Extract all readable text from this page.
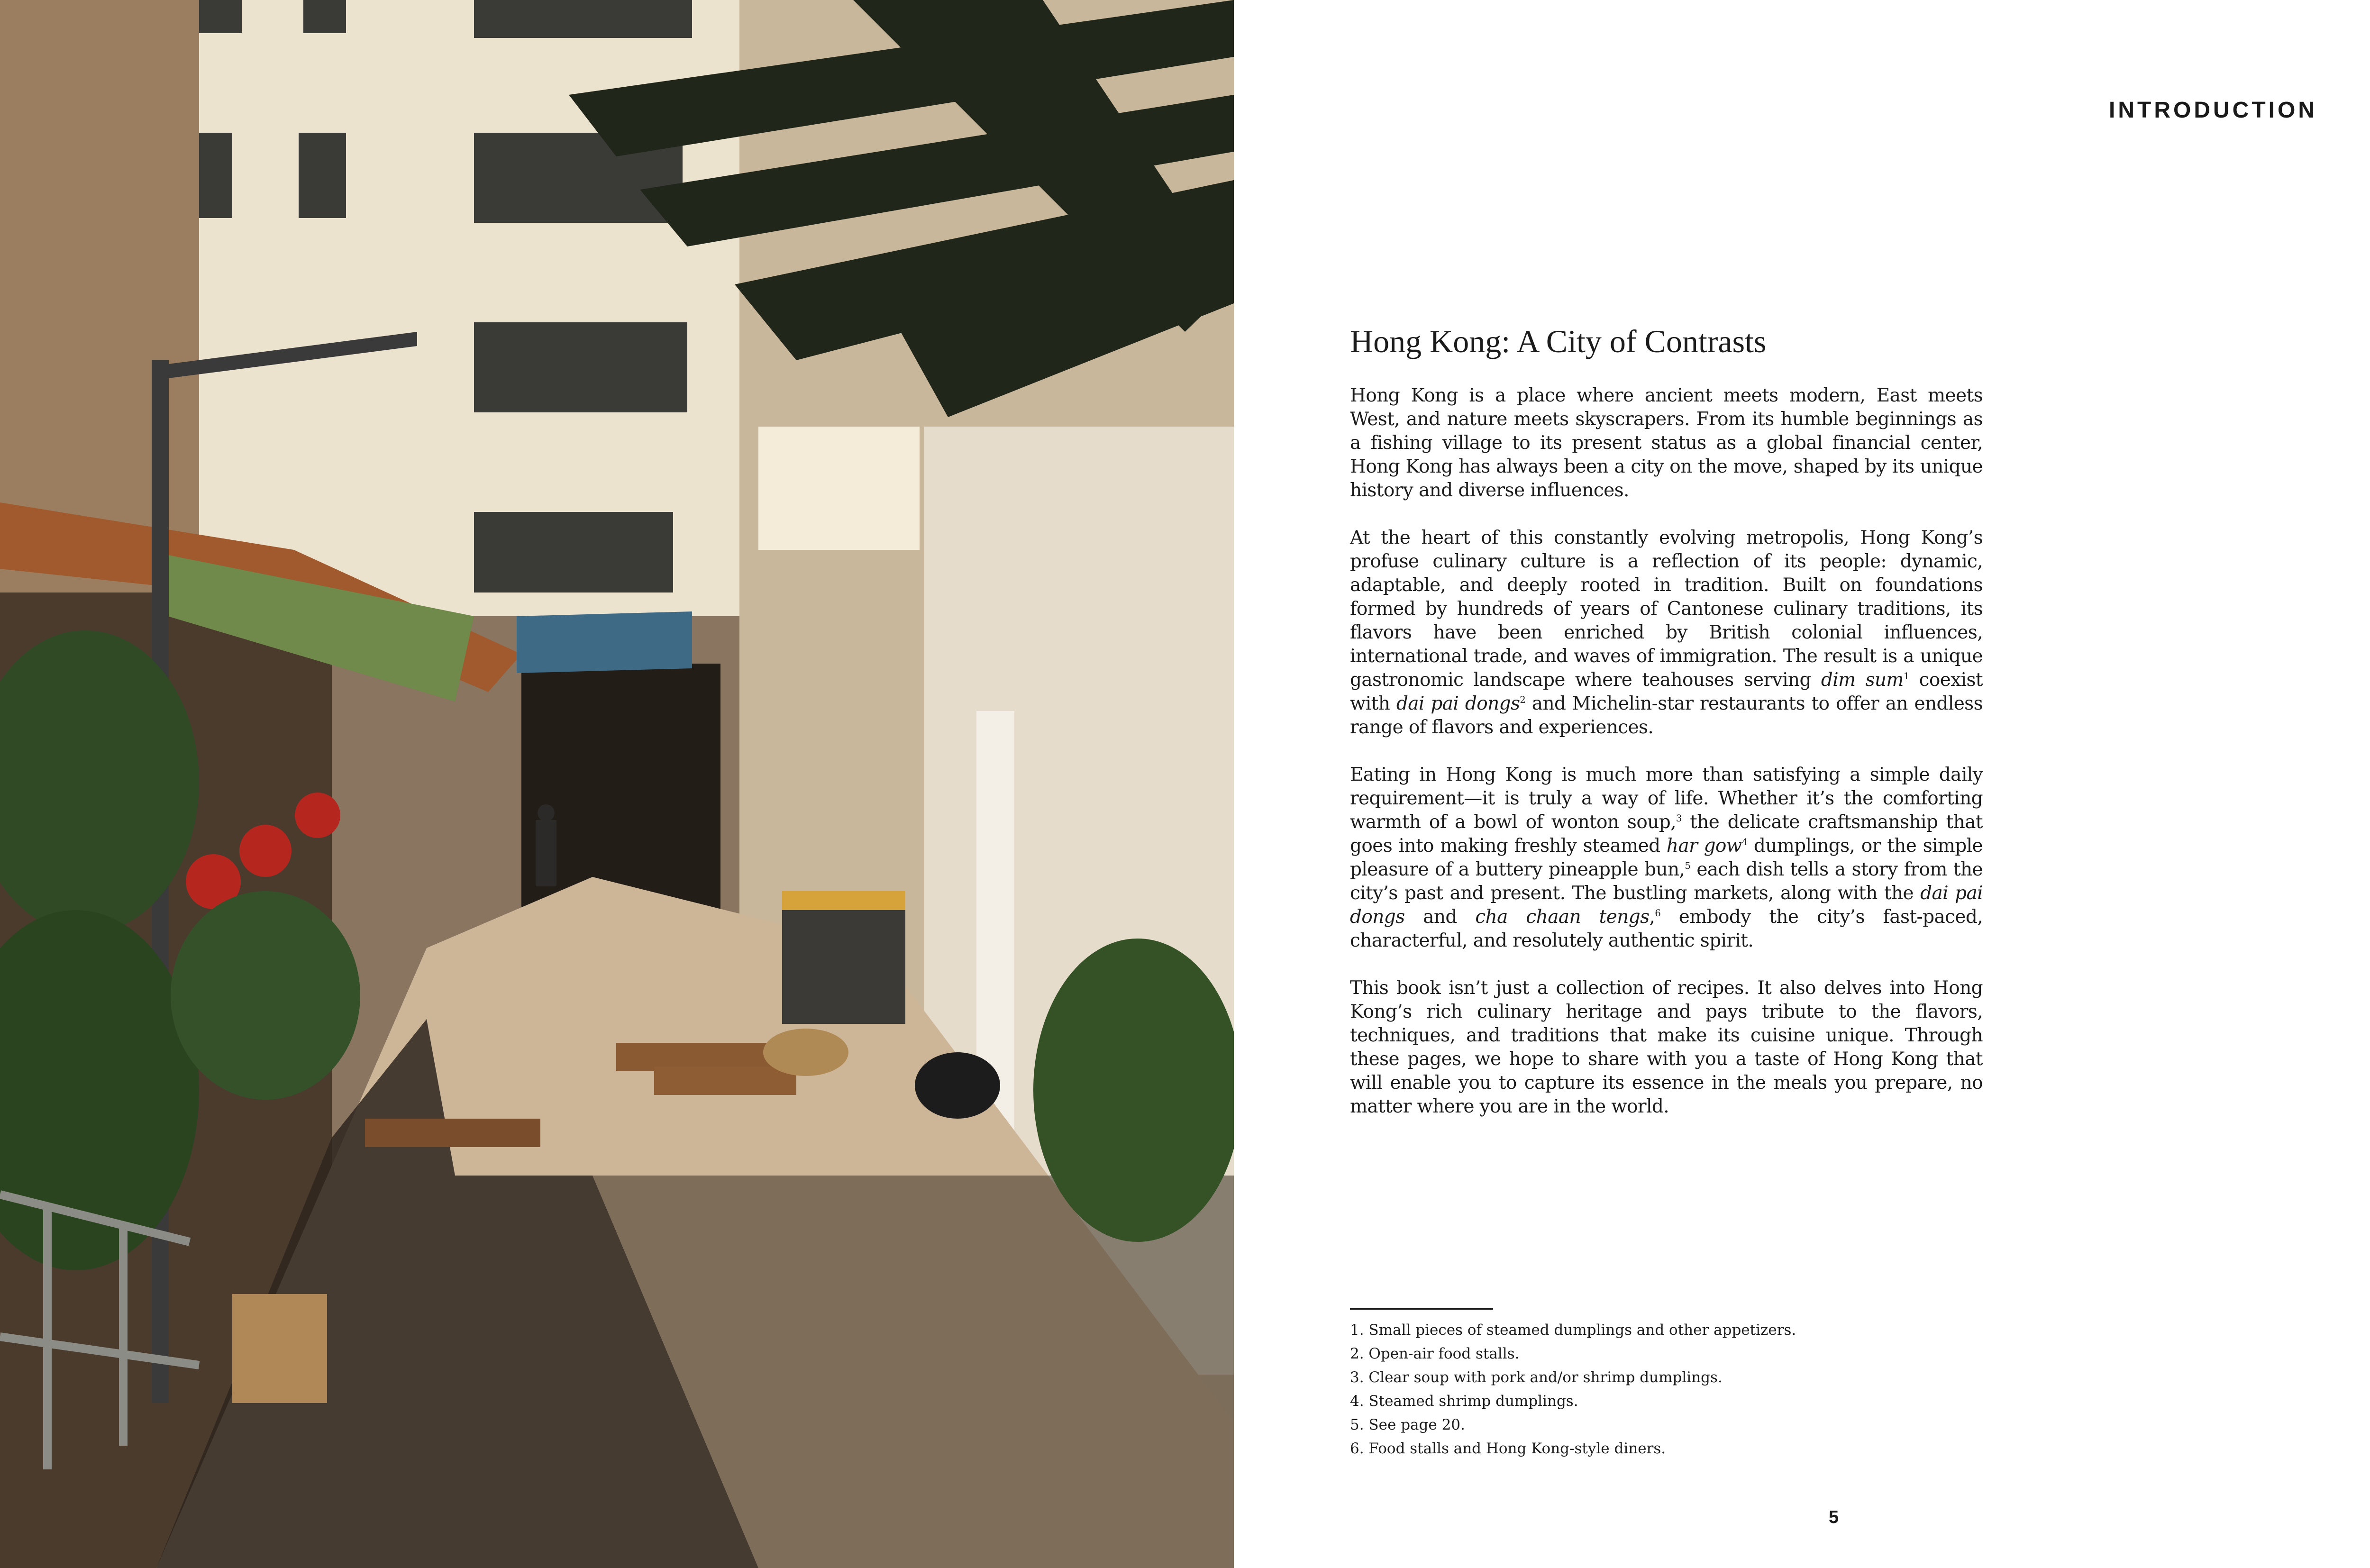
INTRODUCTION
Hong Kong: A City of Contrasts

Hong Kong is a place where ancient meets modern, East meets West, and nature meets skyscrapers. From its humble beginnings as a fishing village to its present status as a global financial center, Hong Kong has always been a city on the move, shaped by its unique history and diverse influences.

At the heart of this constantly evolving metropolis, Hong Kong’s profuse culinary culture is a reflection of its people: dynamic, adaptable, and deeply rooted in tradition. Built on foundations formed by hundreds of years of Cantonese culinary traditions, its flavors have been enriched by British colonial influences, international trade, and waves of immigration. The result is a unique gastronomic landscape where teahouses serving dim sum$^1$ coexist with dai pai dongs$^2$ and Michelin-star restaurants to offer an endless range of flavors and experiences.

Eating in Hong Kong is much more than satisfying a simple daily requirement—it is truly a way of life. Whether it’s the comforting warmth of a bowl of wonton soup,$^3$ the delicate craftsmanship that goes into making freshly steamed har gow$^4$ dumplings, or the simple pleasure of a buttery pineapple bun,$^5$ each dish tells a story from the city’s past and present. The bustling markets, along with the dai pai dongs and cha chaan tengs,$^6$ embody the city’s fast-paced, characterful, and resolutely authentic spirit.

This book isn’t just a collection of recipes. It also delves into Hong Kong’s rich culinary heritage and pays tribute to the flavors, techniques, and traditions that make its cuisine unique. Through these pages, we hope to share with you a taste of Hong Kong that will enable you to capture its essence in the meals you prepare, no matter where you are in the world.

1. Small pieces of steamed dumplings and other appetizers.

2. Open-air food stalls.

3. Clear soup with pork and/or shrimp dumplings.

4. Steamed shrimp dumplings.

5. See page 20.

6. Food stalls and Hong Kong-style diners.

5
